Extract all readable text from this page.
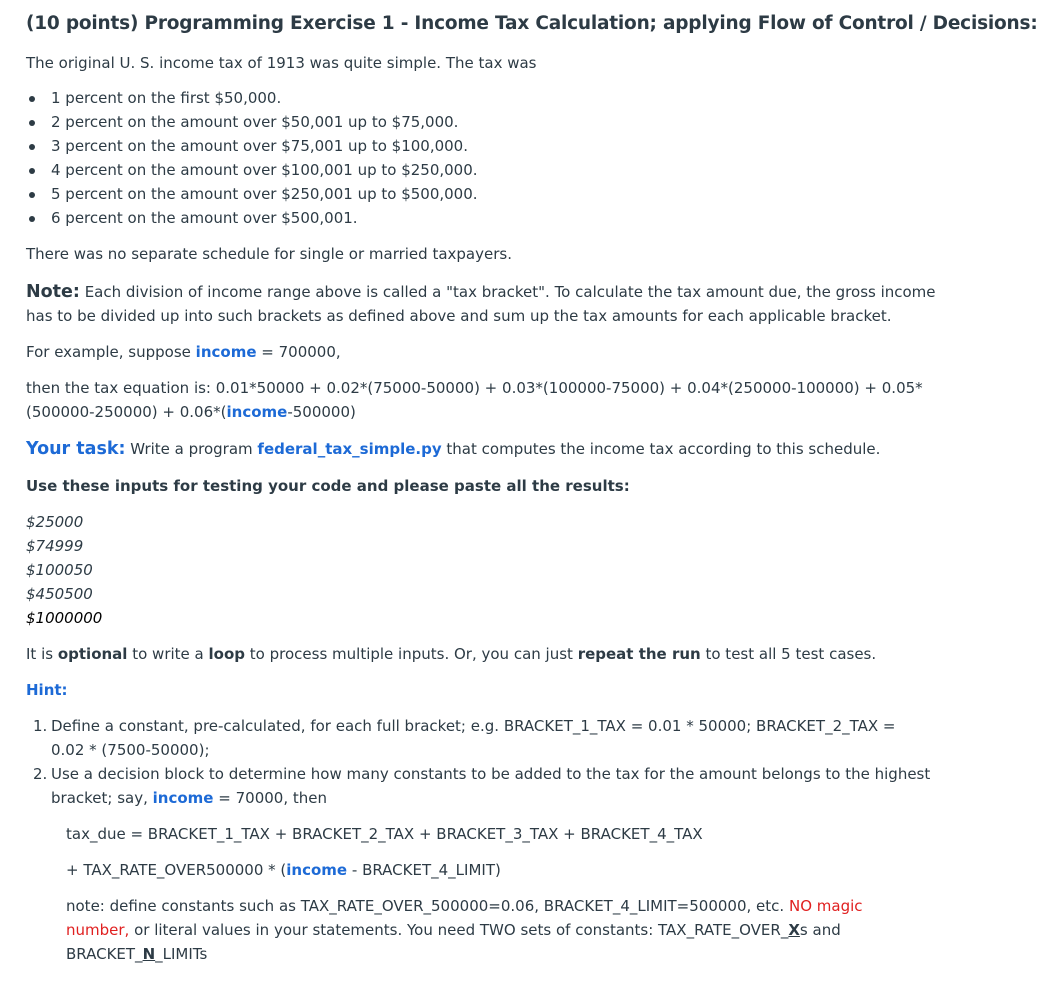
(10 points) Programming Exercise 1 - Income Tax Calculation; applying Flow of Control / Decisions:
The original U. S. income tax of 1913 was quite simple. The tax was
1 percent on the first $50,000.
2 percent on the amount over $50,001 up to $75,000.
3 percent on the amount over $75,001 up to $100,000.
4 percent on the amount over $100,001 up to $250,000.
5 percent on the amount over $250,001 up to $500,000.
6 percent on the amount over $500,001.
There was no separate schedule for single or married taxpayers.
Note: Each division of income range above is called a "tax bracket". To calculate the tax amount due, the gross income
has to be divided up into such brackets as defined above and sum up the tax amounts for each applicable bracket.
For example, suppose income = 700000,
then the tax equation is: 0.01*50000 + 0.02*(75000-50000) + 0.03*(100000-75000) + 0.04*(250000-100000) + 0.05*
(500000-250000) + 0.06*(income-500000)
Your task: Write a program federal_tax_simple.py that computes the income tax according to this schedule.
Use these inputs for testing your code and please paste all the results:
$25000
$74999
$100050
$450500
$1000000
It is optional to write a loop to process multiple inputs. Or, you can just repeat the run to test all 5 test cases.
Hint:
1. Define a constant, pre-calculated, for each full bracket; e.g. BRACKET_1_TAX = 0.01 * 50000; BRACKET_2_TAX =
0.02 * (7500-50000);
2. Use a decision block to determine how many constants to be added to the tax for the amount belongs to the highest
bracket; say, income = 70000, then
tax_due = BRACKET_1_TAX + BRACKET_2_TAX + BRACKET_3_TAX + BRACKET_4_TAX
+ TAX_RATE_OVER500000 * (income - BRACKET_4_LIMIT)
note: define constants such as TAX_RATE_OVER_500000=0.06, BRACKET_4_LIMIT=500000, etc. NO magic
number, or literal values in your statements. You need TWO sets of constants: TAX_RATE_OVER_Xs and
BRACKET_N_LIMITs
